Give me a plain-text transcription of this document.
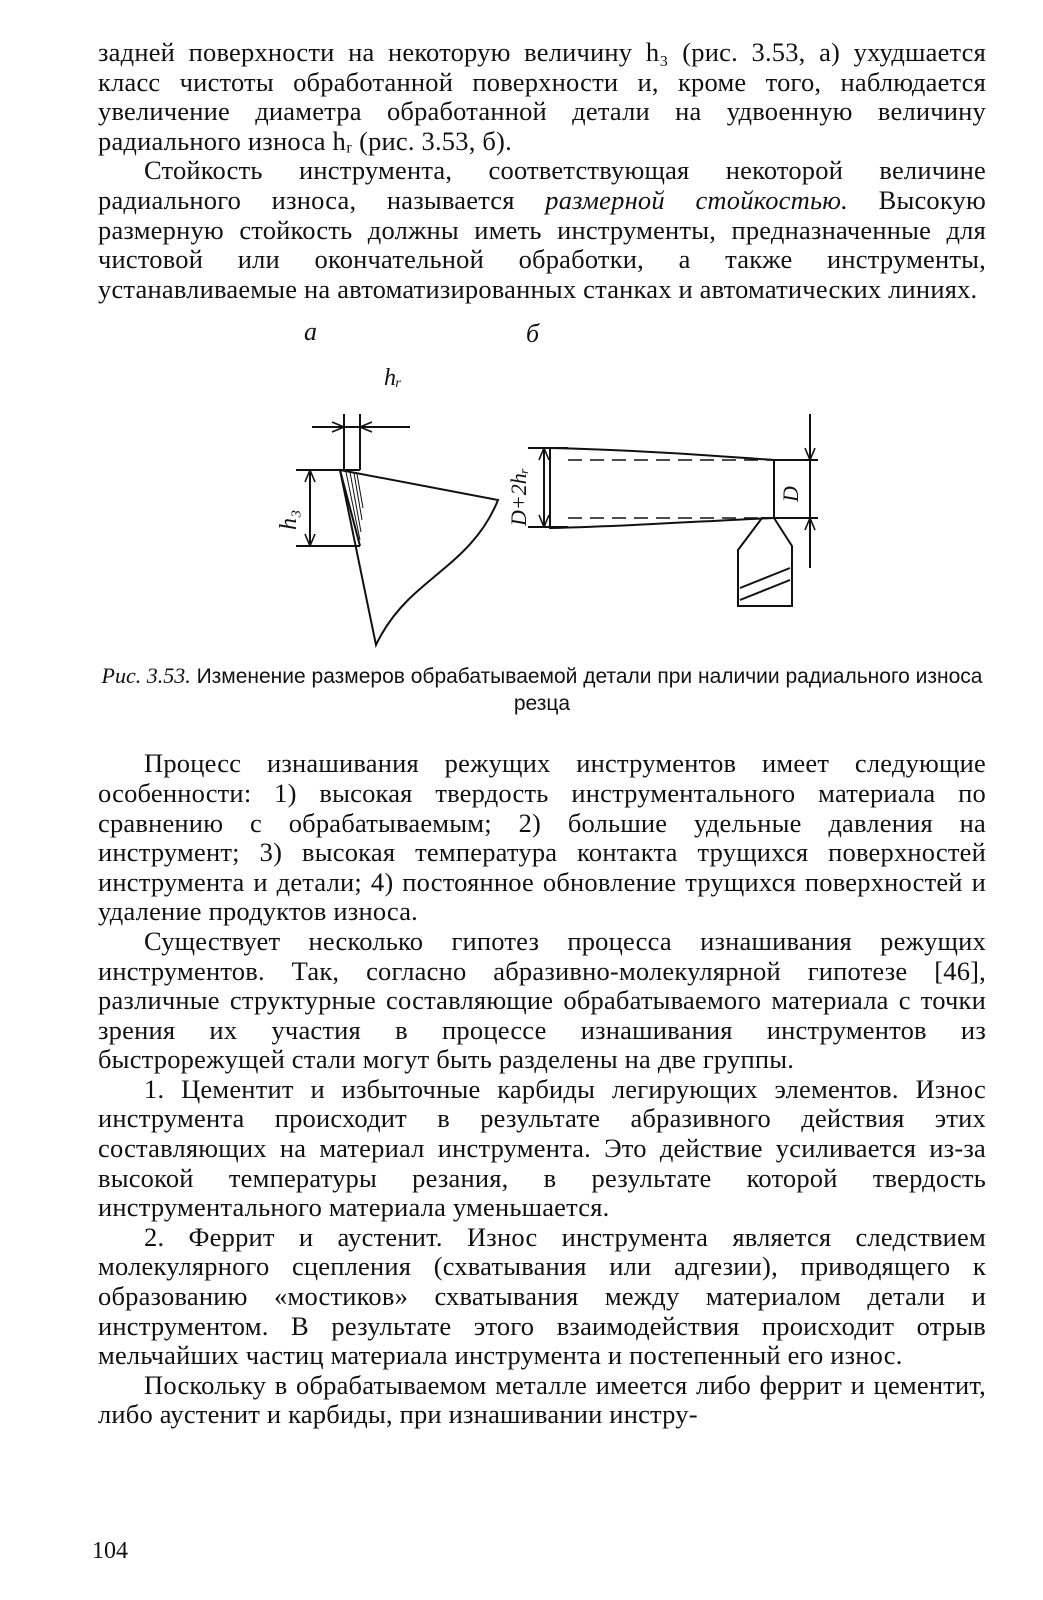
задней поверхности на некоторую величину h₃ (рис. 3.53, а) ухудшается класс чистоты обработанной поверхности и, кроме того, наблюдается увеличение диаметра обработанной детали на удвоенную величину радиального износа hᵣ (рис. 3.53, б).

Стойкость инструмента, соответствующая некоторой величине радиального износа, называется размерной стойкостью. Высокую размерную стойкость должны иметь инструменты, предназначенные для чистовой или окончательной обработки, а также инструменты, устанавливаемые на автоматизированных станках и автоматических линиях.

а	б
hᵣ
h₃	D+2hᵣ	D

Рис. 3.53. Изменение размеров обрабатываемой детали при наличии радиального износа резца

Процесс изнашивания режущих инструментов имеет следующие особенности: 1) высокая твердость инструментального материала по сравнению с обрабатываемым; 2) большие удельные давления на инструмент; 3) высокая температура контакта трущихся поверхностей инструмента и детали; 4) постоянное обновление трущихся поверхностей и удаление продуктов износа.

Существует несколько гипотез процесса изнашивания режущих инструментов. Так, согласно абразивно-молекулярной гипотезе [46], различные структурные составляющие обрабатываемого материала с точки зрения их участия в процессе изнашивания инструментов из быстрорежущей стали могут быть разделены на две группы.

1. Цементит и избыточные карбиды легирующих элементов. Износ инструмента происходит в результате абразивного действия этих составляющих на материал инструмента. Это действие усиливается из-за высокой температуры резания, в результате которой твердость инструментального материала уменьшается.

2. Феррит и аустенит. Износ инструмента является следствием молекулярного сцепления (схватывания или адгезии), приводящего к образованию «мостиков» схватывания между материалом детали и инструментом. В результате этого взаимодействия происходит отрыв мельчайших частиц материала инструмента и постепенный его износ.

Поскольку в обрабатываемом металле имеется либо феррит и цементит, либо аустенит и карбиды, при изнашивании инстру-

104
